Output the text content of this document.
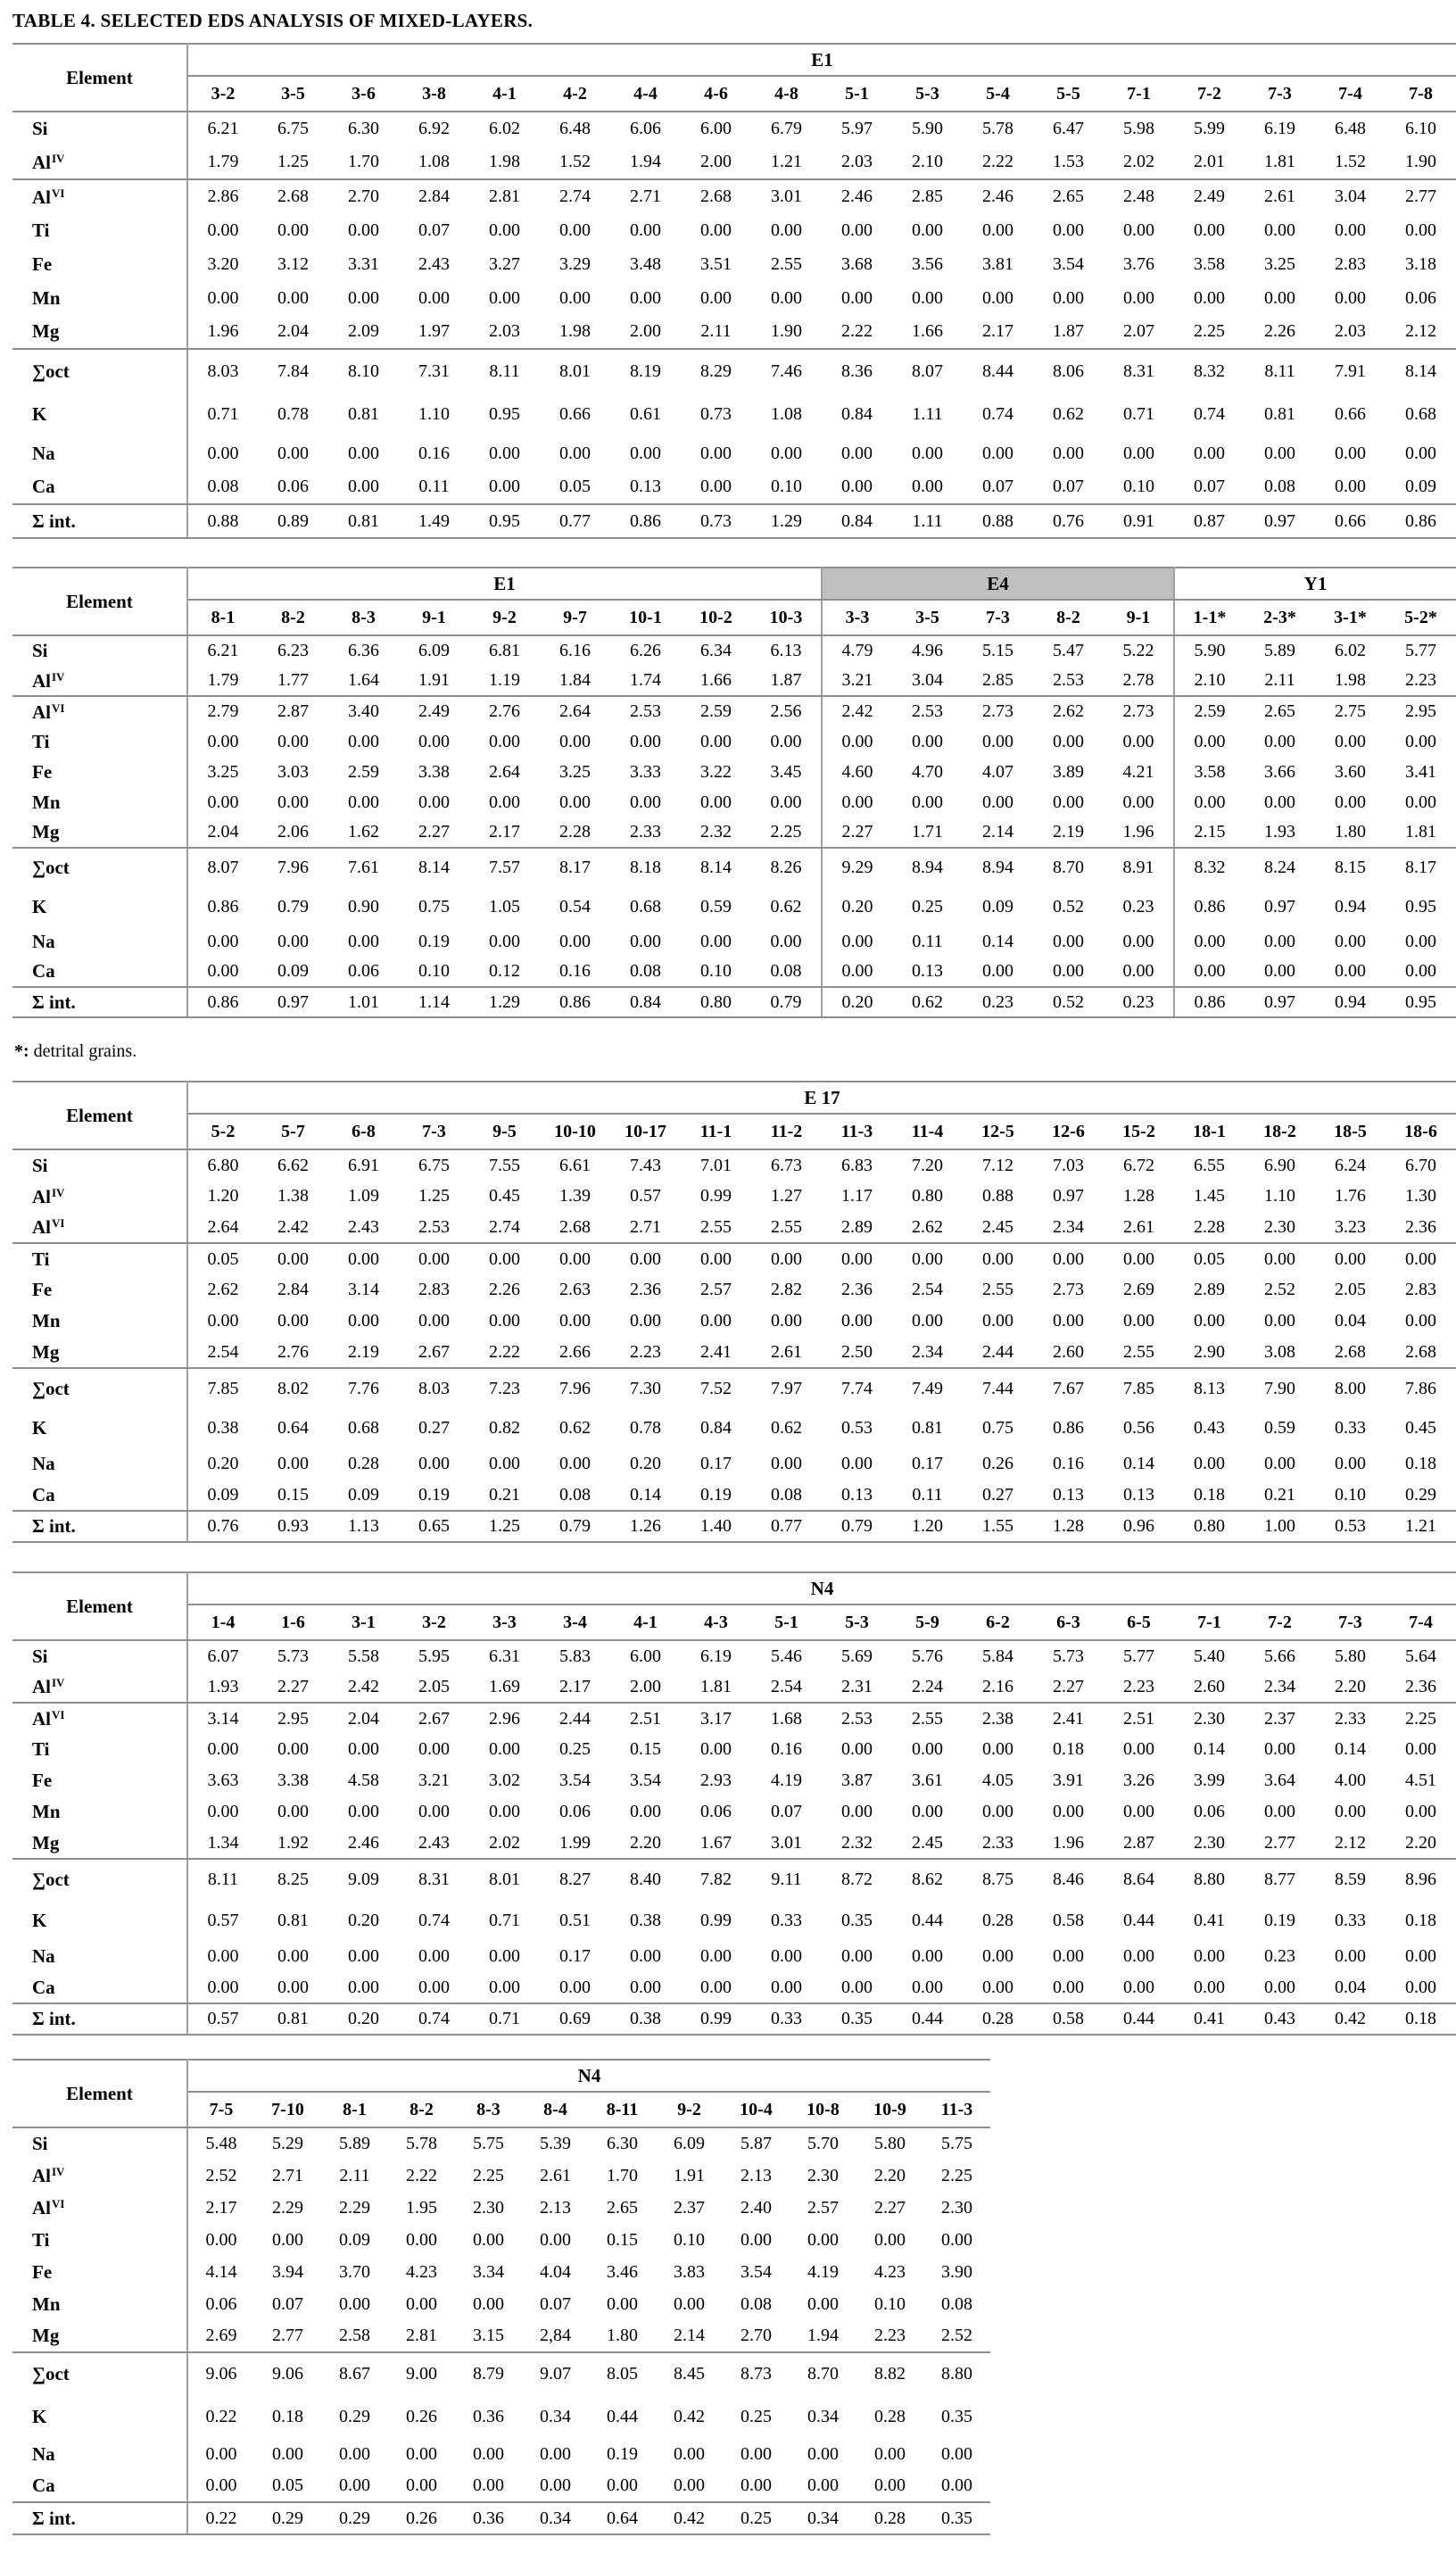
TABLE 4. SELECTED EDS ANALYSIS OF MIXED-LAYERS.
Element	E1																	
	3-2	3-5	3-6	3-8	4-1	4-2	4-4	4-6	4-8	5-1	5-3	5-4	5-5	7-1	7-2	7-3	7-4	7-8
Si	6.21	6.75	6.30	6.92	6.02	6.48	6.06	6.00	6.79	5.97	5.90	5.78	6.47	5.98	5.99	6.19	6.48	6.10
$Al^{IV}$	1.79	1.25	1.70	1.08	1.98	1.52	1.94	2.00	1.21	2.03	2.10	2.22	1.53	2.02	2.01	1.81	1.52	1.90
$Al^{VI}$	2.86	2.68	2.70	2.84	2.81	2.74	2.71	2.68	3.01	2.46	2.85	2.46	2.65	2.48	2.49	2.61	3.04	2.77
Ti	0.00	0.00	0.00	0.07	0.00	0.00	0.00	0.00	0.00	0.00	0.00	0.00	0.00	0.00	0.00	0.00	0.00	0.00
Fe	3.20	3.12	3.31	2.43	3.27	3.29	3.48	3.51	2.55	3.68	3.56	3.81	3.54	3.76	3.58	3.25	2.83	3.18
Mn	0.00	0.00	0.00	0.00	0.00	0.00	0.00	0.00	0.00	0.00	0.00	0.00	0.00	0.00	0.00	0.00	0.00	0.06
Mg	1.96	2.04	2.09	1.97	2.03	1.98	2.00	2.11	1.90	2.22	1.66	2.17	1.87	2.07	2.25	2.26	2.03	2.12
∑oct	8.03	7.84	8.10	7.31	8.11	8.01	8.19	8.29	7.46	8.36	8.07	8.44	8.06	8.31	8.32	8.11	7.91	8.14
K	0.71	0.78	0.81	1.10	0.95	0.66	0.61	0.73	1.08	0.84	1.11	0.74	0.62	0.71	0.74	0.81	0.66	0.68
Na	0.00	0.00	0.00	0.16	0.00	0.00	0.00	0.00	0.00	0.00	0.00	0.00	0.00	0.00	0.00	0.00	0.00	0.00
Ca	0.08	0.06	0.00	0.11	0.00	0.05	0.13	0.00	0.10	0.00	0.00	0.07	0.07	0.10	0.07	0.08	0.00	0.09
Σ int.	0.88	0.89	0.81	1.49	0.95	0.77	0.86	0.73	1.29	0.84	1.11	0.88	0.76	0.91	0.87	0.97	0.66	0.86
Element	E1									E4					Y1			
	8-1	8-2	8-3	9-1	9-2	9-7	10-1	10-2	10-3	3-3	3-5	7-3	8-2	9-1	1-1*	2-3*	3-1*	5-2*
Si	6.21	6.23	6.36	6.09	6.81	6.16	6.26	6.34	6.13	4.79	4.96	5.15	5.47	5.22	5.90	5.89	6.02	5.77
$Al^{IV}$	1.79	1.77	1.64	1.91	1.19	1.84	1.74	1.66	1.87	3.21	3.04	2.85	2.53	2.78	2.10	2.11	1.98	2.23
$Al^{VI}$	2.79	2.87	3.40	2.49	2.76	2.64	2.53	2.59	2.56	2.42	2.53	2.73	2.62	2.73	2.59	2.65	2.75	2.95
Ti	0.00	0.00	0.00	0.00	0.00	0.00	0.00	0.00	0.00	0.00	0.00	0.00	0.00	0.00	0.00	0.00	0.00	0.00
Fe	3.25	3.03	2.59	3.38	2.64	3.25	3.33	3.22	3.45	4.60	4.70	4.07	3.89	4.21	3.58	3.66	3.60	3.41
Mn	0.00	0.00	0.00	0.00	0.00	0.00	0.00	0.00	0.00	0.00	0.00	0.00	0.00	0.00	0.00	0.00	0.00	0.00
Mg	2.04	2.06	1.62	2.27	2.17	2.28	2.33	2.32	2.25	2.27	1.71	2.14	2.19	1.96	2.15	1.93	1.80	1.81
∑oct	8.07	7.96	7.61	8.14	7.57	8.17	8.18	8.14	8.26	9.29	8.94	8.94	8.70	8.91	8.32	8.24	8.15	8.17
K	0.86	0.79	0.90	0.75	1.05	0.54	0.68	0.59	0.62	0.20	0.25	0.09	0.52	0.23	0.86	0.97	0.94	0.95
Na	0.00	0.00	0.00	0.19	0.00	0.00	0.00	0.00	0.00	0.00	0.11	0.14	0.00	0.00	0.00	0.00	0.00	0.00
Ca	0.00	0.09	0.06	0.10	0.12	0.16	0.08	0.10	0.08	0.00	0.13	0.00	0.00	0.00	0.00	0.00	0.00	0.00
Σ int.	0.86	0.97	1.01	1.14	1.29	0.86	0.84	0.80	0.79	0.20	0.62	0.23	0.52	0.23	0.86	0.97	0.94	0.95
*: detrital grains.
Element	E 17																	
	5-2	5-7	6-8	7-3	9-5	10-10	10-17	11-1	11-2	11-3	11-4	12-5	12-6	15-2	18-1	18-2	18-5	18-6
Si	6.80	6.62	6.91	6.75	7.55	6.61	7.43	7.01	6.73	6.83	7.20	7.12	7.03	6.72	6.55	6.90	6.24	6.70
$Al^{IV}$	1.20	1.38	1.09	1.25	0.45	1.39	0.57	0.99	1.27	1.17	0.80	0.88	0.97	1.28	1.45	1.10	1.76	1.30
$Al^{VI}$	2.64	2.42	2.43	2.53	2.74	2.68	2.71	2.55	2.55	2.89	2.62	2.45	2.34	2.61	2.28	2.30	3.23	2.36
Ti	0.05	0.00	0.00	0.00	0.00	0.00	0.00	0.00	0.00	0.00	0.00	0.00	0.00	0.00	0.05	0.00	0.00	0.00
Fe	2.62	2.84	3.14	2.83	2.26	2.63	2.36	2.57	2.82	2.36	2.54	2.55	2.73	2.69	2.89	2.52	2.05	2.83
Mn	0.00	0.00	0.00	0.00	0.00	0.00	0.00	0.00	0.00	0.00	0.00	0.00	0.00	0.00	0.00	0.00	0.04	0.00
Mg	2.54	2.76	2.19	2.67	2.22	2.66	2.23	2.41	2.61	2.50	2.34	2.44	2.60	2.55	2.90	3.08	2.68	2.68
∑oct	7.85	8.02	7.76	8.03	7.23	7.96	7.30	7.52	7.97	7.74	7.49	7.44	7.67	7.85	8.13	7.90	8.00	7.86
K	0.38	0.64	0.68	0.27	0.82	0.62	0.78	0.84	0.62	0.53	0.81	0.75	0.86	0.56	0.43	0.59	0.33	0.45
Na	0.20	0.00	0.28	0.00	0.00	0.00	0.20	0.17	0.00	0.00	0.17	0.26	0.16	0.14	0.00	0.00	0.00	0.18
Ca	0.09	0.15	0.09	0.19	0.21	0.08	0.14	0.19	0.08	0.13	0.11	0.27	0.13	0.13	0.18	0.21	0.10	0.29
Σ int.	0.76	0.93	1.13	0.65	1.25	0.79	1.26	1.40	0.77	0.79	1.20	1.55	1.28	0.96	0.80	1.00	0.53	1.21
Element	N4																	
	1-4	1-6	3-1	3-2	3-3	3-4	4-1	4-3	5-1	5-3	5-9	6-2	6-3	6-5	7-1	7-2	7-3	7-4
Si	6.07	5.73	5.58	5.95	6.31	5.83	6.00	6.19	5.46	5.69	5.76	5.84	5.73	5.77	5.40	5.66	5.80	5.64
$Al^{IV}$	1.93	2.27	2.42	2.05	1.69	2.17	2.00	1.81	2.54	2.31	2.24	2.16	2.27	2.23	2.60	2.34	2.20	2.36
$Al^{VI}$	3.14	2.95	2.04	2.67	2.96	2.44	2.51	3.17	1.68	2.53	2.55	2.38	2.41	2.51	2.30	2.37	2.33	2.25
Ti	0.00	0.00	0.00	0.00	0.00	0.25	0.15	0.00	0.16	0.00	0.00	0.00	0.18	0.00	0.14	0.00	0.14	0.00
Fe	3.63	3.38	4.58	3.21	3.02	3.54	3.54	2.93	4.19	3.87	3.61	4.05	3.91	3.26	3.99	3.64	4.00	4.51
Mn	0.00	0.00	0.00	0.00	0.00	0.06	0.00	0.06	0.07	0.00	0.00	0.00	0.00	0.00	0.06	0.00	0.00	0.00
Mg	1.34	1.92	2.46	2.43	2.02	1.99	2.20	1.67	3.01	2.32	2.45	2.33	1.96	2.87	2.30	2.77	2.12	2.20
∑oct	8.11	8.25	9.09	8.31	8.01	8.27	8.40	7.82	9.11	8.72	8.62	8.75	8.46	8.64	8.80	8.77	8.59	8.96
K	0.57	0.81	0.20	0.74	0.71	0.51	0.38	0.99	0.33	0.35	0.44	0.28	0.58	0.44	0.41	0.19	0.33	0.18
Na	0.00	0.00	0.00	0.00	0.00	0.17	0.00	0.00	0.00	0.00	0.00	0.00	0.00	0.00	0.00	0.23	0.00	0.00
Ca	0.00	0.00	0.00	0.00	0.00	0.00	0.00	0.00	0.00	0.00	0.00	0.00	0.00	0.00	0.00	0.00	0.04	0.00
Σ int.	0.57	0.81	0.20	0.74	0.71	0.69	0.38	0.99	0.33	0.35	0.44	0.28	0.58	0.44	0.41	0.43	0.42	0.18
Element	N4											
	7-5	7-10	8-1	8-2	8-3	8-4	8-11	9-2	10-4	10-8	10-9	11-3
Si	5.48	5.29	5.89	5.78	5.75	5.39	6.30	6.09	5.87	5.70	5.80	5.75
$Al^{IV}$	2.52	2.71	2.11	2.22	2.25	2.61	1.70	1.91	2.13	2.30	2.20	2.25
$Al^{VI}$	2.17	2.29	2.29	1.95	2.30	2.13	2.65	2.37	2.40	2.57	2.27	2.30
Ti	0.00	0.00	0.09	0.00	0.00	0.00	0.15	0.10	0.00	0.00	0.00	0.00
Fe	4.14	3.94	3.70	4.23	3.34	4.04	3.46	3.83	3.54	4.19	4.23	3.90
Mn	0.06	0.07	0.00	0.00	0.00	0.07	0.00	0.00	0.08	0.00	0.10	0.08
Mg	2.69	2.77	2.58	2.81	3.15	2,84	1.80	2.14	2.70	1.94	2.23	2.52
∑oct	9.06	9.06	8.67	9.00	8.79	9.07	8.05	8.45	8.73	8.70	8.82	8.80
K	0.22	0.18	0.29	0.26	0.36	0.34	0.44	0.42	0.25	0.34	0.28	0.35
Na	0.00	0.00	0.00	0.00	0.00	0.00	0.19	0.00	0.00	0.00	0.00	0.00
Ca	0.00	0.05	0.00	0.00	0.00	0.00	0.00	0.00	0.00	0.00	0.00	0.00
Σ int.	0.22	0.29	0.29	0.26	0.36	0.34	0.64	0.42	0.25	0.34	0.28	0.35
